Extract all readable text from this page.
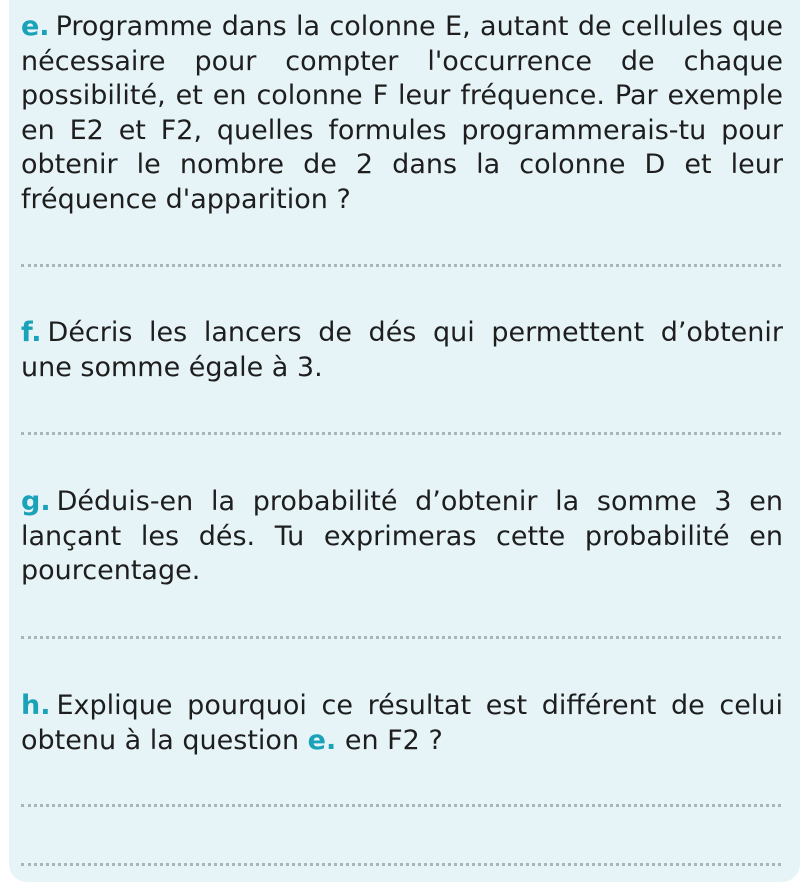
e. Programme dans la colonne E, autant de cellules que nécessaire pour compter l'occurrence de chaque possibilité, et en colonne F leur fréquence. Par exemple en E2 et F2, quelles formules programmerais-tu pour obtenir le nombre de 2 dans la colonne D et leur fréquence d'apparition ?

f. Décris les lancers de dés qui permettent d’obtenir une somme égale à 3.

g. Déduis-en la probabilité d’obtenir la somme 3 en lançant les dés. Tu exprimeras cette probabilité en pourcentage.

h. Explique pourquoi ce résultat est différent de celui obtenu à la question e. en F2 ?
